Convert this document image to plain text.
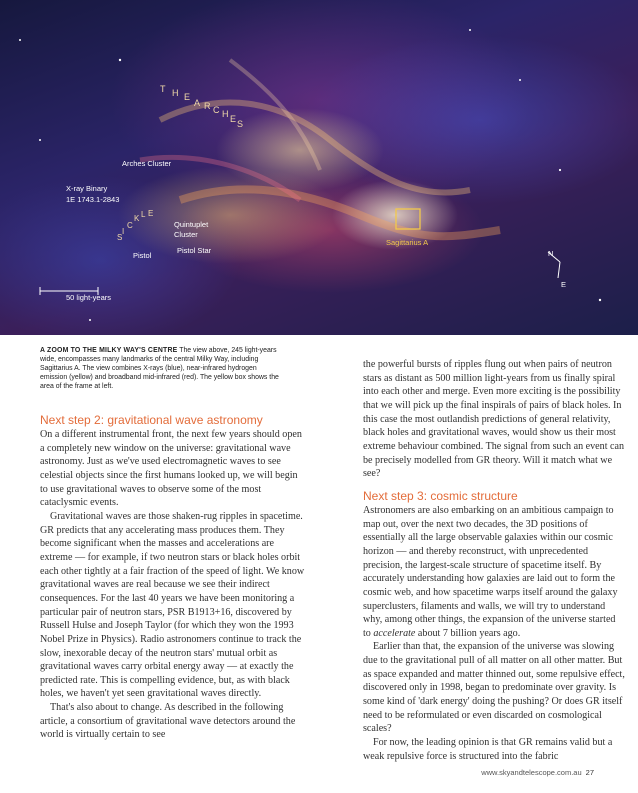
T H E
A R C H E S
Arches Cluster
X-ray Binary
1E 1743.1-2843
S
I
C
K L E
Quintuplet
Cluster
Pistol
Pistol Star
Sagittarius A
N
E
50 light-years
A ZOOM TO THE MILKY WAY'S CENTRE The view above, 245 light-years wide, encompasses many landmarks of the central Milky Way, including Sagittarius A. The view combines X-rays (blue), near-infrared hydrogen emission (yellow) and broadband mid-infrared (red). The yellow box shows the area of the frame at left.
Next step 2: gravitational wave astronomy

On a different instrumental front, the next few years should open a completely new window on the universe: gravitational wave astronomy. Just as we've used electromagnetic waves to see celestial objects since the first humans looked up, we will begin to use gravitational waves to observe some of the most cataclysmic events.

Gravitational waves are those shaken-rug ripples in spacetime. GR predicts that any accelerating mass produces them. They become significant when the masses and accelerations are extreme — for example, if two neutron stars or black holes orbit each other tightly at a fair fraction of the speed of light. We know gravitational waves are real because we see their indirect consequences. For the last 40 years we have been monitoring a particular pair of neutron stars, PSR B1913+16, discovered by Russell Hulse and Joseph Taylor (for which they won the 1993 Nobel Prize in Physics). Radio astronomers continue to track the slow, inexorable decay of the neutron stars' mutual orbit as gravitational waves carry orbital energy away — at exactly the predicted rate. This is compelling evidence, but, as with black holes, we haven't yet seen gravitational waves directly.

That's also about to change. As described in the following article, a consortium of gravitational wave detectors around the world is virtually certain to see

the powerful bursts of ripples flung out when pairs of neutron stars as distant as 500 million light-years from us finally spiral into each other and merge. Even more exciting is the possibility that we will pick up the final inspirals of pairs of black holes. In this case the most outlandish predictions of general relativity, black holes and gravitational waves, would show us their most extreme behaviour combined. The signal from such an event can be precisely modelled from GR theory. Will it match what we see?

Next step 3: cosmic structure

Astronomers are also embarking on an ambitious campaign to map out, over the next two decades, the 3D positions of essentially all the large observable galaxies within our cosmic horizon — and thereby reconstruct, with unprecedented precision, the largest-scale structure of spacetime itself. By accurately understanding how galaxies are laid out to form the cosmic web, and how spacetime warps itself around the galaxy superclusters, filaments and walls, we will try to understand why, among other things, the expansion of the universe started to accelerate about 7 billion years ago.

Earlier than that, the expansion of the universe was slowing due to the gravitational pull of all matter on all other matter. But as space expanded and matter thinned out, some repulsive effect, discovered only in 1998, began to predominate over gravity. Is some kind of 'dark energy' doing the pushing? Or does GR itself need to be reformulated or even discarded on cosmological scales?

For now, the leading opinion is that GR remains valid but a weak repulsive force is structured into the fabric

www.skyandtelescope.com.au 27
